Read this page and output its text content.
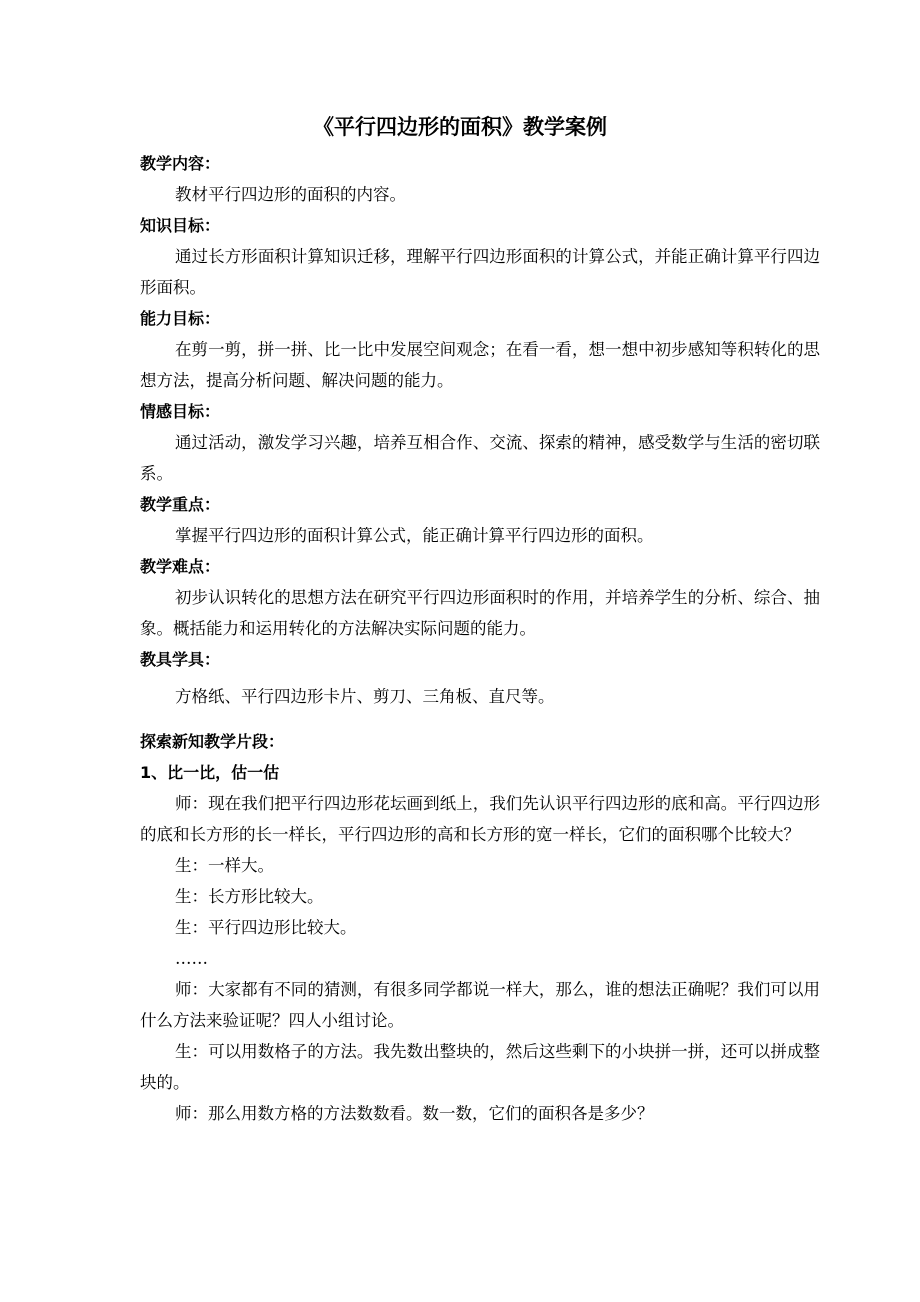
《平行四边形的面积》教学案例
教学内容：

教材平行四边形的面积的内容。

知识目标：

通过长方形面积计算知识迁移，理解平行四边形面积的计算公式，并能正确计算平行四边形面积。

能力目标：

在剪一剪，拼一拼、比一比中发展空间观念；在看一看，想一想中初步感知等积转化的思想方法，提高分析问题、解决问题的能力。

情感目标：

通过活动，激发学习兴趣，培养互相合作、交流、探索的精神，感受数学与生活的密切联系。

教学重点：

掌握平行四边形的面积计算公式，能正确计算平行四边形的面积。

教学难点：

初步认识转化的思想方法在研究平行四边形面积时的作用，并培养学生的分析、综合、抽象。概括能力和运用转化的方法解决实际问题的能力。

教具学具：

方格纸、平行四边形卡片、剪刀、三角板、直尺等。

探索新知教学片段：
1、比一比，估一估

师：现在我们把平行四边形花坛画到纸上，我们先认识平行四边形的底和高。平行四边形的底和长方形的长一样长，平行四边形的高和长方形的宽一样长，它们的面积哪个比较大？

生：一样大。

生：长方形比较大。

生：平行四边形比较大。

……

师：大家都有不同的猜测，有很多同学都说一样大，那么，谁的想法正确呢？我们可以用什么方法来验证呢？四人小组讨论。

生：可以用数格子的方法。我先数出整块的，然后这些剩下的小块拼一拼，还可以拼成整块的。

师：那么用数方格的方法数数看。数一数，它们的面积各是多少？
